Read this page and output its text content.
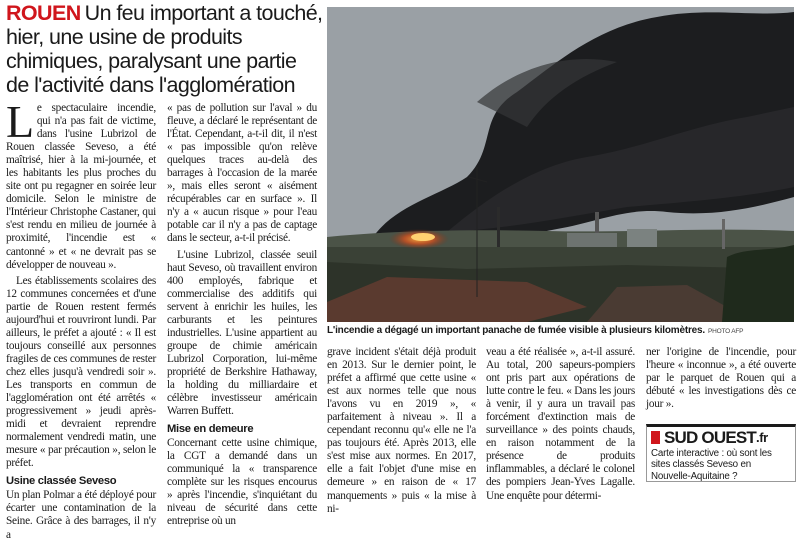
ROUEN Un feu important a touché, hier, une usine de produits chimiques, paralysant une partie de l'activité dans l'agglomération

Le spectaculaire incendie, qui n'a pas fait de victime, dans l'usine Lubrizol de Rouen classée Seveso, a été maîtrisé, hier à la mi-journée, et les habitants les plus proches du site ont pu regagner en soirée leur domicile. Selon le ministre de l'Intérieur Christophe Castaner, qui s'est rendu en milieu de journée à proximité, l'incendie est « cantonné » et « ne devrait pas se développer de nouveau ».

Les établissements scolaires des 12 communes concernées et d'une partie de Rouen restent fermés aujourd'hui et rouvriront lundi. Par ailleurs, le préfet a ajouté : « Il est toujours conseillé aux personnes fragiles de ces communes de rester chez elles jusqu'à vendredi soir ». Les transports en commun de l'agglomération ont été arrêtés « progressivement » jeudi après-midi et devraient reprendre normalement vendredi matin, une mesure « par précaution », selon le préfet.

Usine classée Seveso

Un plan Polmar a été déployé pour écarter une contamination de la Seine. Grâce à des barrages, il n'y a

« pas de pollution sur l'aval » du fleuve, a déclaré le représentant de l'État. Cependant, a-t-il dit, il n'est « pas impossible qu'on relève quelques traces au-delà des barrages à l'occasion de la marée », mais elles seront « aisément récupérables car en surface ». Il n'y a « aucun risque » pour l'eau potable car il n'y a pas de captage dans le secteur, a-t-il précisé.

L'usine Lubrizol, classée seuil haut Seveso, où travaillent environ 400 employés, fabrique et commercialise des additifs qui servent à enrichir les huiles, les carburants et les peintures industrielles. L'usine appartient au groupe de chimie américain Lubrizol Corporation, lui-même propriété de Berkshire Hathaway, la holding du milliardaire et célèbre investisseur américain Warren Buffett.

Mise en demeure

Concernant cette usine chimique, la CGT a demandé dans un communiqué la « transparence complète sur les risques encourus » après l'incendie, s'inquiétant du niveau de sécurité dans cette entreprise où un

L'incendie a dégagé un important panache de fumée visible à plusieurs kilomètres. PHOTO AFP

grave incident s'était déjà produit en 2013. Sur le dernier point, le préfet a affirmé que cette usine « est aux normes telle que nous l'avons vu en 2019 », « parfaitement à niveau ». Il a cependant reconnu qu'« elle ne l'a pas toujours été. Après 2013, elle s'est mise aux normes. En 2017, elle a fait l'objet d'une mise en demeure » en raison de « 17 manquements » puis « la mise à ni-

veau a été réalisée », a-t-il assuré. Au total, 200 sapeurs-pompiers ont pris part aux opérations de lutte contre le feu. « Dans les jours à venir, il y aura un travail pas forcément d'extinction mais de surveillance » des points chauds, en raison notamment de la présence de produits inflammables, a déclaré le colonel des pompiers Jean-Yves Lagalle. Une enquête pour détermi-

ner l'origine de l'incendie, pour l'heure « inconnue », a été ouverte par le parquet de Rouen qui a débuté « les investigations dès ce jour ».

SUD OUEST .fr
Carte interactive : où sont les sites classés Seveso en Nouvelle-Aquitaine ?
